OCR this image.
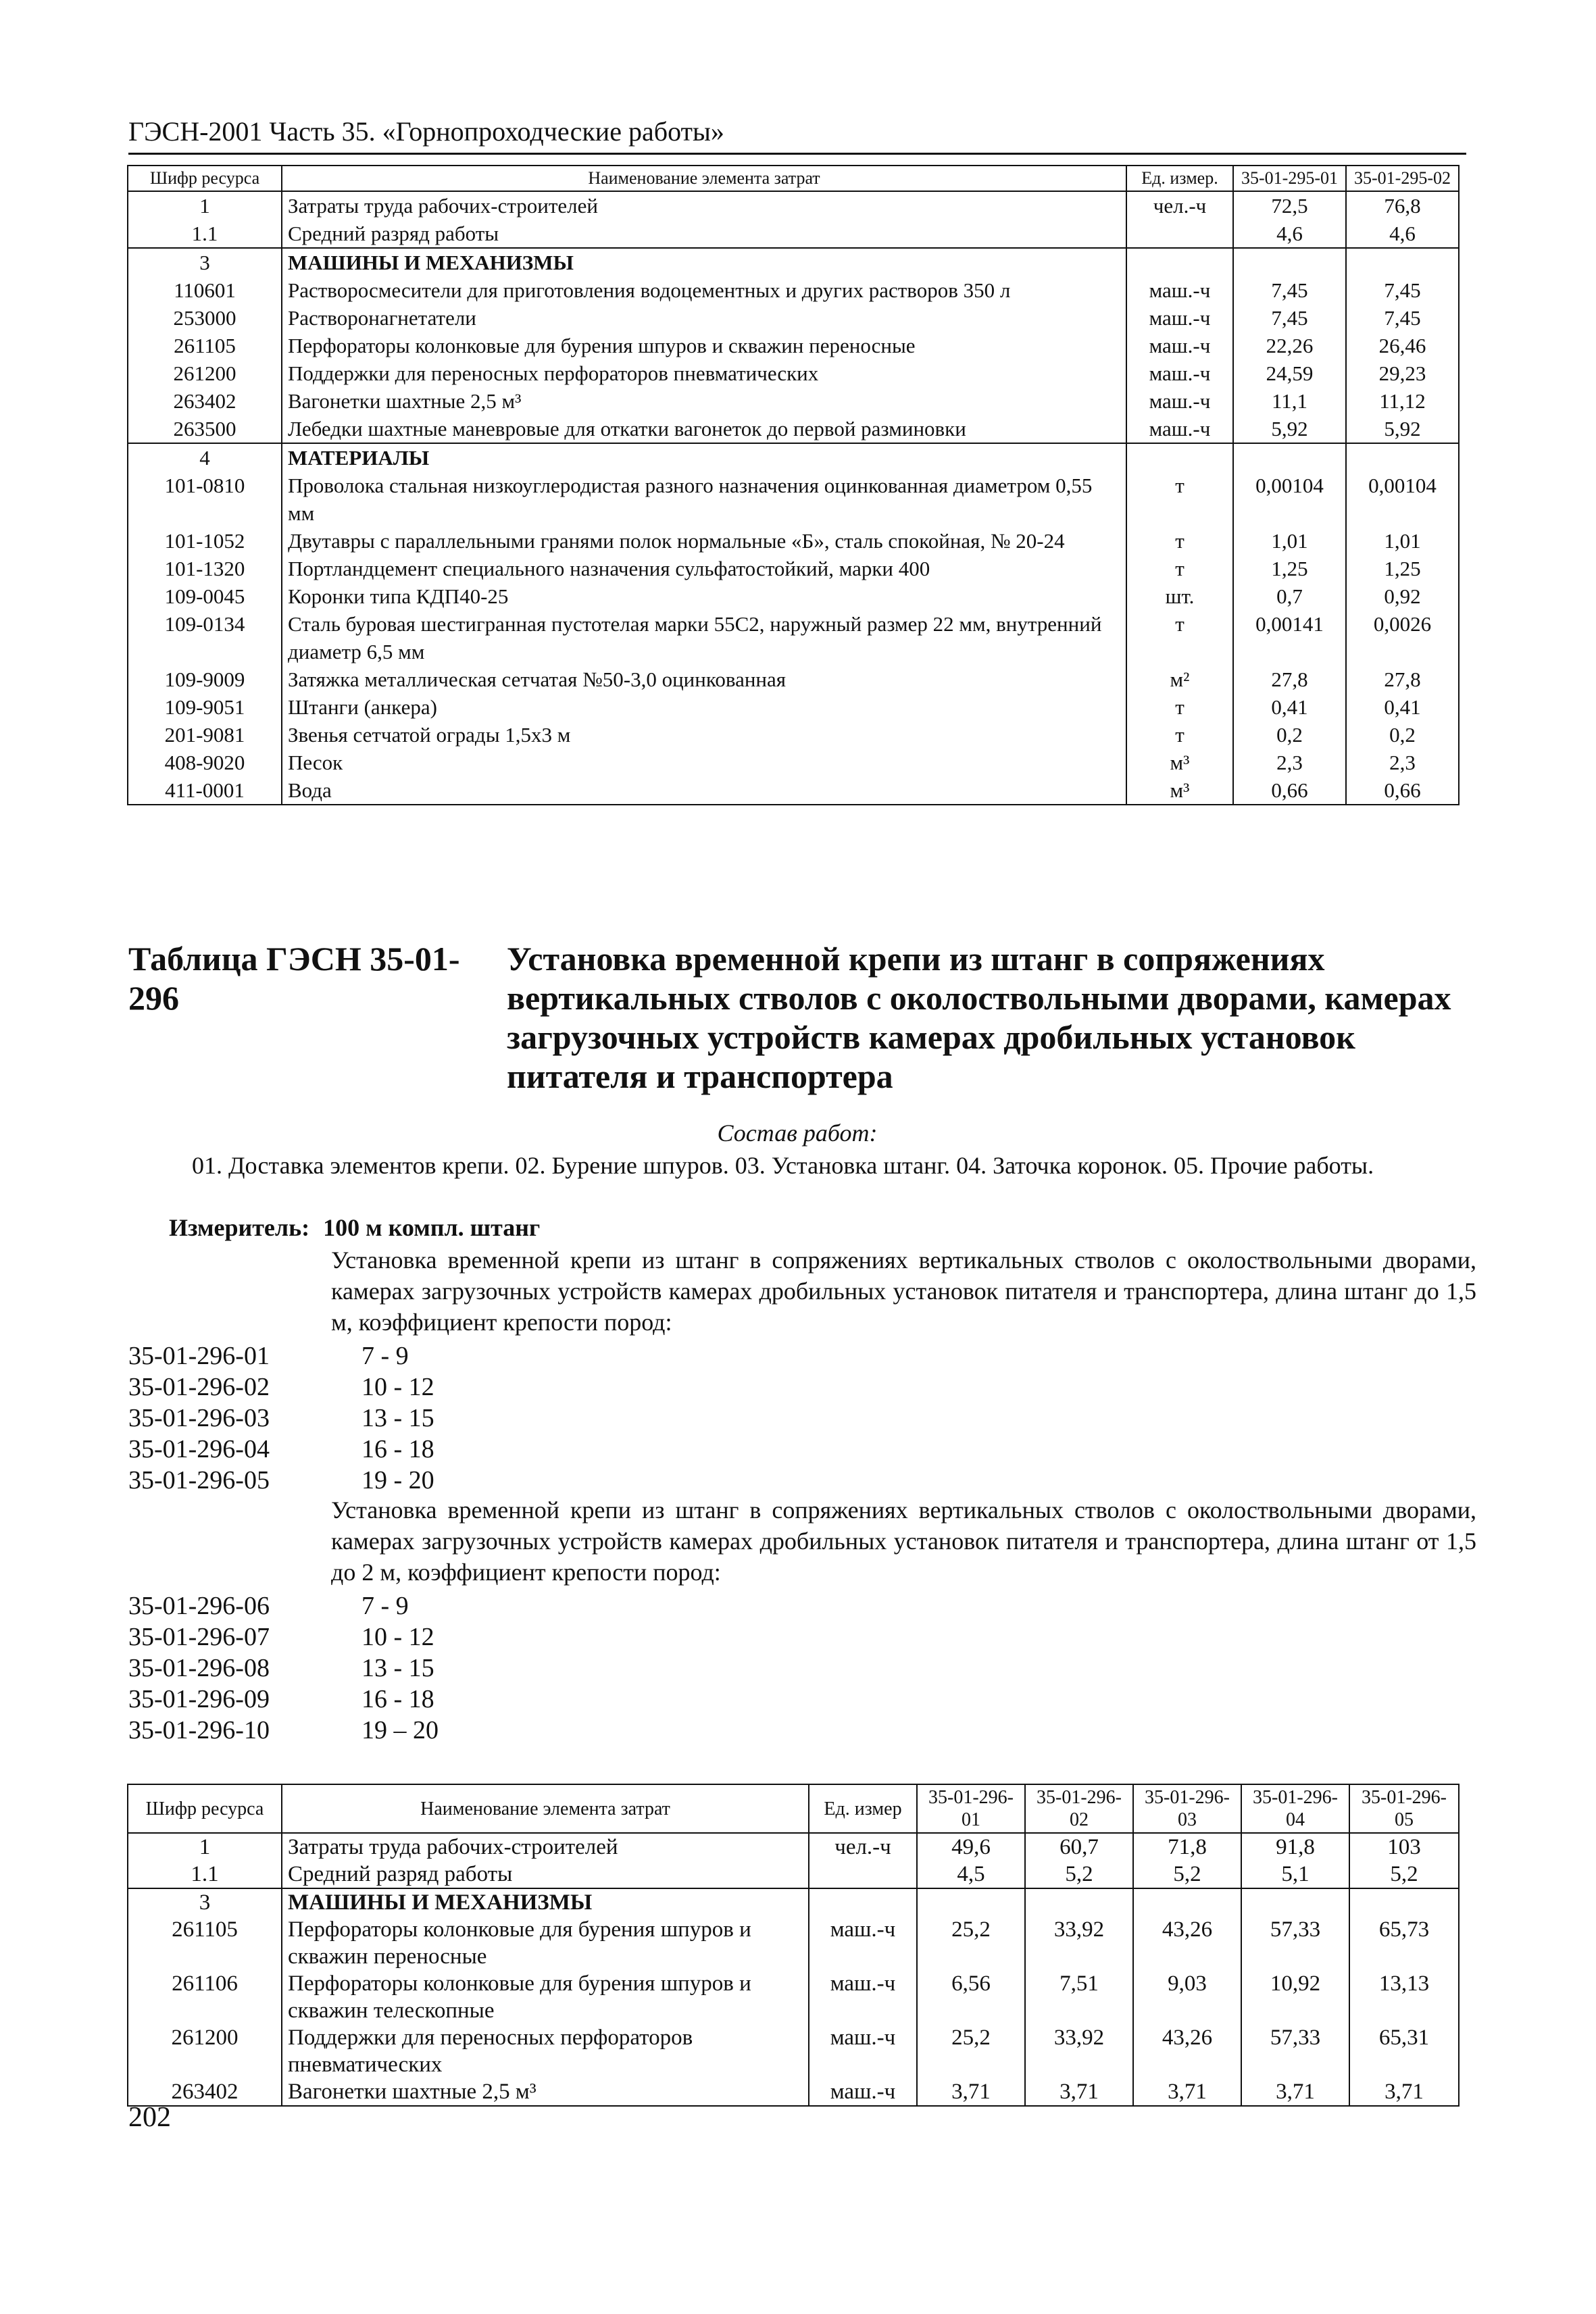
ГЭСН-2001 Часть 35. «Горнопроходческие работы»
Шифр ресурса	Наименование элемента затрат	Ед. измер.	35-01-295-01	35-01-295-02
1	Затраты труда рабочих-строителей	чел.-ч	72,5	76,8
1.1	Средний разряд работы		4,6	4,6
3	МАШИНЫ И МЕХАНИЗМЫ			
110601	Растворосмесители для приготовления водоцементных и других растворов 350 л	маш.-ч	7,45	7,45
253000	Растворонагнетатели	маш.-ч	7,45	7,45
261105	Перфораторы колонковые для бурения шпуров и скважин переносные	маш.-ч	22,26	26,46
261200	Поддержки для переносных перфораторов пневматических	маш.-ч	24,59	29,23
263402	Вагонетки шахтные 2,5 м³	маш.-ч	11,1	11,12
263500	Лебедки шахтные маневровые для откатки вагонеток до первой разминовки	маш.-ч	5,92	5,92
4	МАТЕРИАЛЫ			
101-0810	Проволока стальная низкоуглеродистая разного назначения оцинкованная диаметром 0,55 мм	т	0,00104	0,00104
101-1052	Двутавры с параллельными гранями полок нормальные «Б», сталь спокойная, № 20-24	т	1,01	1,01
101-1320	Портландцемент специального назначения сульфатостойкий, марки 400	т	1,25	1,25
109-0045	Коронки типа КДП40-25	шт.	0,7	0,92
109-0134	Сталь буровая шестигранная пустотелая марки 55С2, наружный размер 22 мм, внутренний диаметр 6,5 мм	т	0,00141	0,0026
109-9009	Затяжка металлическая сетчатая №50-3,0 оцинкованная	м²	27,8	27,8
109-9051	Штанги (анкера)	т	0,41	0,41
201-9081	Звенья сетчатой ограды 1,5х3 м	т	0,2	0,2
408-9020	Песок	м³	2,3	2,3
411-0001	Вода	м³	0,66	0,66
Таблица ГЭСН 35-01-296
Установка временной крепи из штанг в сопряжениях вертикальных стволов с околоствольными дворами, камерах загрузочных устройств камерах дробильных установок питателя и транспортера
Состав работ:
01. Доставка элементов крепи. 02. Бурение шпуров. 03. Установка штанг. 04. Заточка коронок. 05. Прочие работы.
Измеритель: 100 м компл. штанг
Установка временной крепи из штанг в сопряжениях вертикальных стволов с околоствольными дворами, камерах загрузочных устройств камерах дробильных установок питателя и транспортера, длина штанг до 1,5 м, коэффициент крепости пород:
35-01-296-01	7 - 9
35-01-296-02	10 - 12
35-01-296-03	13 - 15
35-01-296-04	16 - 18
35-01-296-05	19 - 20
Установка временной крепи из штанг в сопряжениях вертикальных стволов с околоствольными дворами, камерах загрузочных устройств камерах дробильных установок питателя и транспортера, длина штанг от 1,5 до 2 м, коэффициент крепости пород:
35-01-296-06	7 - 9
35-01-296-07	10 - 12
35-01-296-08	13 - 15
35-01-296-09	16 - 18
35-01-296-10	19 – 20
Шифр ресурса	Наименование элемента затрат	Ед. измер	35-01-296-01	35-01-296-02	35-01-296-03	35-01-296-04	35-01-296-05
1	Затраты труда рабочих-строителей	чел.-ч	49,6	60,7	71,8	91,8	103
1.1	Средний разряд работы		4,5	5,2	5,2	5,1	5,2
3	МАШИНЫ И МЕХАНИЗМЫ						
261105	Перфораторы колонковые для бурения шпуров и скважин переносные	маш.-ч	25,2	33,92	43,26	57,33	65,73
261106	Перфораторы колонковые для бурения шпуров и скважин телескопные	маш.-ч	6,56	7,51	9,03	10,92	13,13
261200	Поддержки для переносных перфораторов пневматических	маш.-ч	25,2	33,92	43,26	57,33	65,31
263402	Вагонетки шахтные 2,5 м³	маш.-ч	3,71	3,71	3,71	3,71	3,71
202
